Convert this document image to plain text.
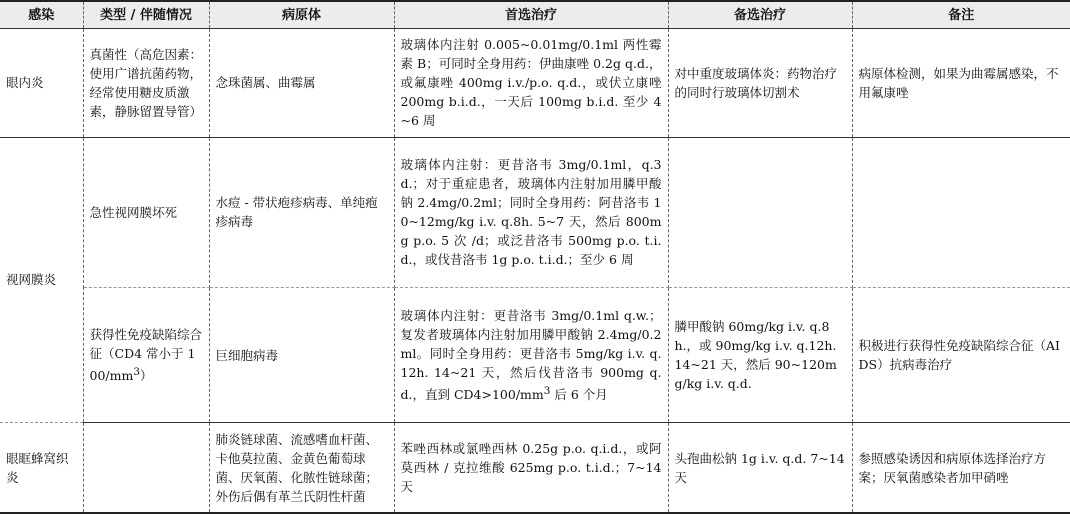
感染	类型 / 伴随情况	病原体	首选治疗	备选治疗	备注
眼内炎	真菌性（高危因素：使用广谱抗菌药物，经常使用糖皮质激素，静脉留置导管）	念珠菌属、曲霉属	玻璃体内注射 0.005~0.01mg/0.1ml 两性霉素 B；可同时全身用药：伊曲康唑 0.2g q.d.，或氟康唑 400mg i.v./p.o. q.d.，或伏立康唑 200mg b.i.d.，一天后 100mg b.i.d. 至少 4~6 周	对中重度玻璃体炎：药物治疗的同时行玻璃体切割术	病原体检测，如果为曲霉属感染，不用氟康唑
视网膜炎	急性视网膜坏死	水痘 - 带状疱疹病毒、单纯疱疹病毒	玻璃体内注射：更昔洛韦 3mg/0.1ml，q.3d.；对于重症患者，玻璃体内注射加用膦甲酸钠 2.4mg/0.2ml；同时全身用药：阿昔洛韦 10~12mg/kg i.v. q.8h. 5~7 天，然后 800mg p.o. 5 次 /d；或泛昔洛韦 500mg p.o. t.i.d.，或伐昔洛韦 1g p.o. t.i.d.；至少 6 周		
	获得性免疫缺陷综合征（CD4 常小于 $100/mm^3$）	巨细胞病毒	玻璃体内注射：更昔洛韦 3mg/0.1ml q.w.；复发者玻璃体内注射加用膦甲酸钠 2.4mg/0.2ml。同时全身用药：更昔洛韦 5mg/kg i.v. q.12h. 14~21 天，然后伐昔洛韦 900mg q.d.，直到 $CD4>100/mm^3$ 后 6 个月	膦甲酸钠 60mg/kg i.v. q.8h.，或 90mg/kg i.v. q.12h. 14~21 天，然后 90~120mg/kg i.v. q.d.	积极进行获得性免疫缺陷综合征（AIDS）抗病毒治疗
眼眶蜂窝织炎		肺炎链球菌、流感嗜血杆菌、卡他莫拉菌、金黄色葡萄球菌、厌氧菌、化脓性链球菌；外伤后偶有革兰氏阴性杆菌	苯唑西林或氯唑西林 0.25g p.o. q.i.d.，或阿莫西林 / 克拉维酸 625mg p.o. t.i.d.；7~14 天	头孢曲松钠 1g i.v. q.d. 7~14 天	参照感染诱因和病原体选择治疗方案；厌氧菌感染者加甲硝唑
